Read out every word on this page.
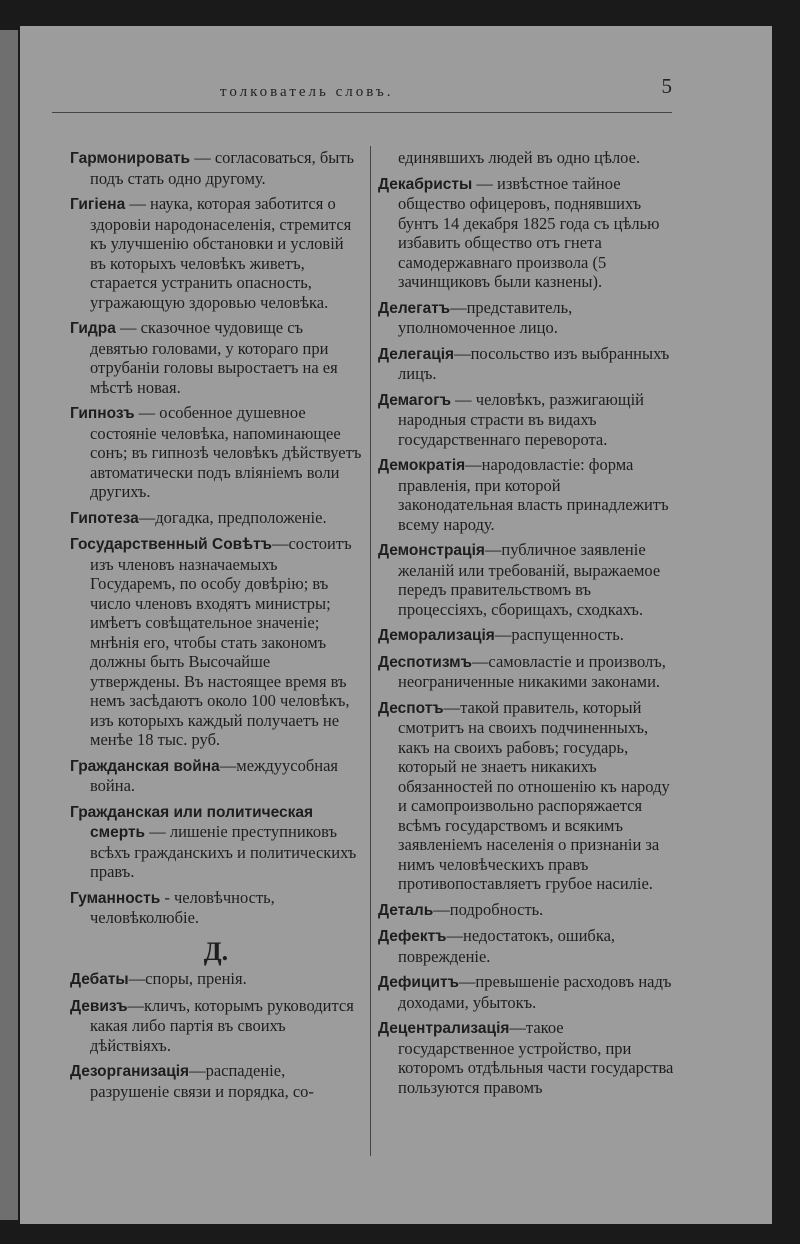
толкователь словъ.	5

Гармонировать — согласоваться, быть подъ стать одно другому.

Гигіена — наука, которая заботится о здоровіи народонаселенія, стремится къ улучшенію обстановки и условій въ которыхъ человѣкъ живетъ, старается устранить опасность, угражающую здоровью человѣка.

Гидра — сказочное чудовище съ девятью головами, у котораго при отрубаніи головы выростаетъ на ея мѣстѣ новая.

Гипнозъ — особенное душевное состояніе человѣка, напоминающее сонъ; въ гипнозѣ человѣкъ дѣйствуетъ автоматически подъ вліяніемъ воли другихъ.

Гипотеза—догадка, предположеніе.

Государственный Совѣтъ—состоитъ изъ членовъ назначаемыхъ Государемъ, по особу довѣрію; въ число членовъ входятъ министры; имѣетъ совѣщательное значеніе; мнѣнія его, чтобы стать закономъ должны быть Высочайше утверждены. Въ настоящее время въ немъ засѣдаютъ около 100 человѣкъ, изъ которыхъ каждый получаетъ не менѣе 18 тыс. руб.

Гражданская война—междуусобная война.

Гражданская или политическая смерть — лишеніе преступниковъ всѣхъ гражданскихъ и политическихъ правъ.

Гуманность - человѣчность, человѣколюбіе.

Д.

Дебаты—споры, пренія.

Девизъ—кличъ, которымъ руководится какая либо партія въ своихъ дѣйствіяхъ.

Дезорганизація—распаденіе, разрушеніе связи и порядка, со-

единявшихъ людей въ одно цѣлое.

Декабристы — извѣстное тайное общество офицеровъ, поднявшихъ бунтъ 14 декабря 1825 года съ цѣлью избавить общество отъ гнета самодержавнаго произвола (5 зачинщиковъ были казнены).

Делегатъ—представитель, уполномоченное лицо.

Делегація—посольство изъ выбранныхъ лицъ.

Демагогъ — человѣкъ, разжигающій народныя страсти въ видахъ государственнаго переворота.

Демократія—народовластіе: форма правленія, при которой законодательная власть принадлежитъ всему народу.

Демонстрація—публичное заявленіе желаній или требованій, выражаемое передъ правительствомъ въ процессіяхъ, сборищахъ, сходкахъ.

Деморализація—распущенность.

Деспотизмъ—самовластіе и произволъ, неограниченные никакими законами.

Деспотъ—такой правитель, который смотритъ на своихъ подчиненныхъ, какъ на своихъ рабовъ; государь, который не знаетъ никакихъ обязанностей по отношенію къ народу и самопроизвольно распоряжается всѣмъ государствомъ и всякимъ заявленіемъ населенія о признаніи за нимъ человѣческихъ правъ противопоставляетъ грубое насиліе.

Деталь—подробность.

Дефектъ—недостатокъ, ошибка, поврежденіе.

Дефицитъ—превышеніе расходовъ надъ доходами, убытокъ.

Децентрализація—такое государственное устройство, при которомъ отдѣльныя части государства пользуются правомъ
